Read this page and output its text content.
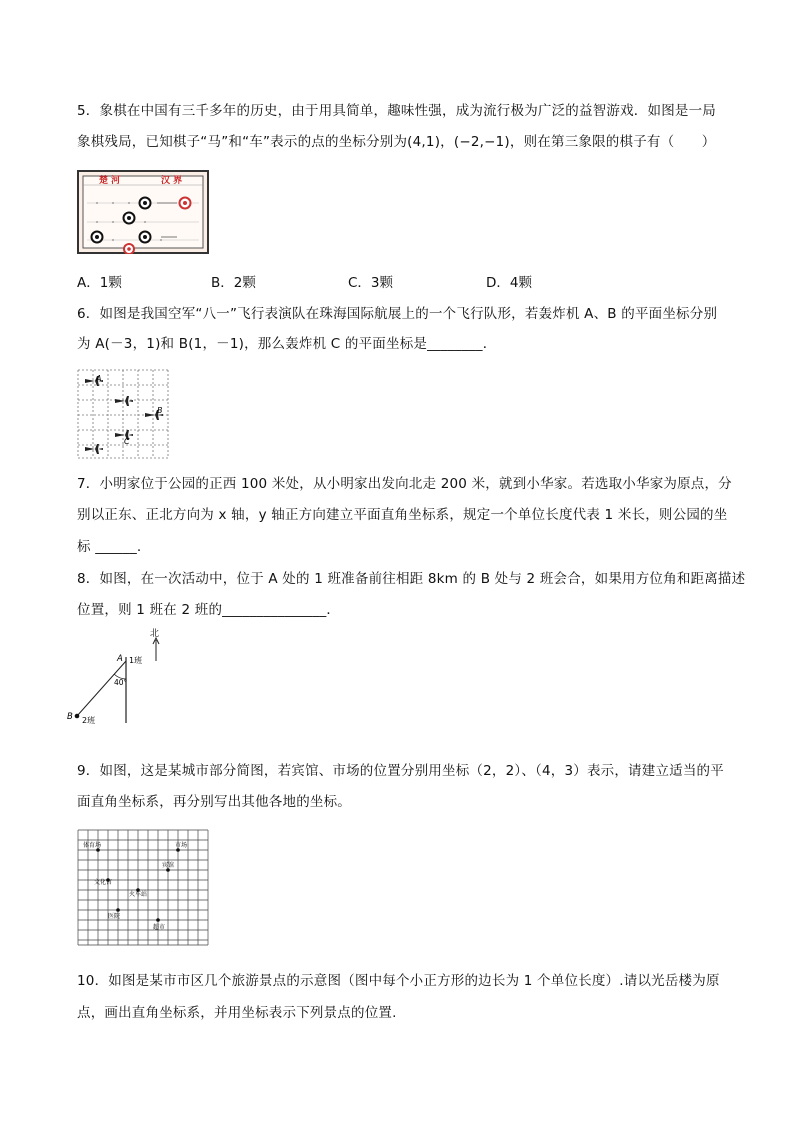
5．象棋在中国有三千多年的历史，由于用具简单，趣味性强，成为流行极为广泛的益智游戏．如图是一局
象棋残局，已知棋子“马”和“车”表示的点的坐标分别为(4,1)，(−2,−1)，则在第三象限的棋子有（　　）
楚 河	汉 界
A．1颗	B．2颗	C．3颗	D．4颗
6．如图是我国空军“八一”飞行表演队在珠海国际航展上的一个飞行队形，若轰炸机 A、B 的平面坐标分别
为 A(－3，1)和 B(1，－1)，那么轰炸机 C 的平面坐标是________．
A
B
C
7．小明家位于公园的正西 100 米处，从小明家出发向北走 200 米，就到小华家。若选取小华家为原点，分
别以正东、正北方向为 x 轴，y 轴正方向建立平面直角坐标系，规定一个单位长度代表 1 米长，则公园的坐
标 ______.
8．如图，在一次活动中，位于 A 处的 1 班准备前往相距 8km 的 B 处与 2 班会合，如果用方位角和距离描述
位置，则 1 班在 2 班的_______________．
北
A 1班
40°
B 2班
9．如图，这是某城市部分简图，若宾馆、市场的位置分别用坐标（2，2）、（4，3）表示，请建立适当的平
面直角坐标系，再分别写出其他各地的坐标。
体育场	市场
宾馆
文化宫
火车站
医院
超市
10．如图是某市市区几个旅游景点的示意图（图中每个小正方形的边长为 1 个单位长度）.请以光岳楼为原
点，画出直角坐标系，并用坐标表示下列景点的位置.
